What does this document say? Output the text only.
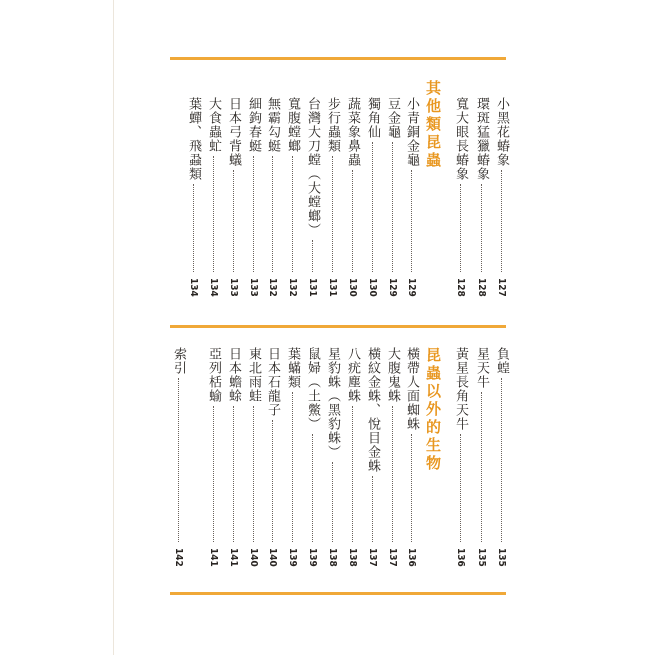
小黑花蝽象
127
環斑猛獵蝽象
128
寬大眼長蝽象
128
其他類昆蟲
小青銅金龜
129
豆金龜
129
獨角仙
130
蔬菜象鼻蟲
130
步行蟲類
131
台灣大刀螳（大螳螂）
131
寬腹螳螂
132
無霸勾蜓
132
細鉤春蜓
133
日本弓背蟻
133
大食蟲虻
134
葉蟬、飛蝨類
134
負蝗
135
星天牛
135
黃星長角天牛
136
昆蟲以外的生物
橫帶人面蜘蛛
136
大腹鬼蛛
137
橫紋金蛛、悅目金蛛
137
八疣塵蛛
138
星豹蛛（黑豹蛛）
138
鼠婦（土鱉）
139
葉蟎類
139
日本石龍子
140
東北雨蛙
140
日本蟾蜍
141
亞列栝蝓
141
索引
142
